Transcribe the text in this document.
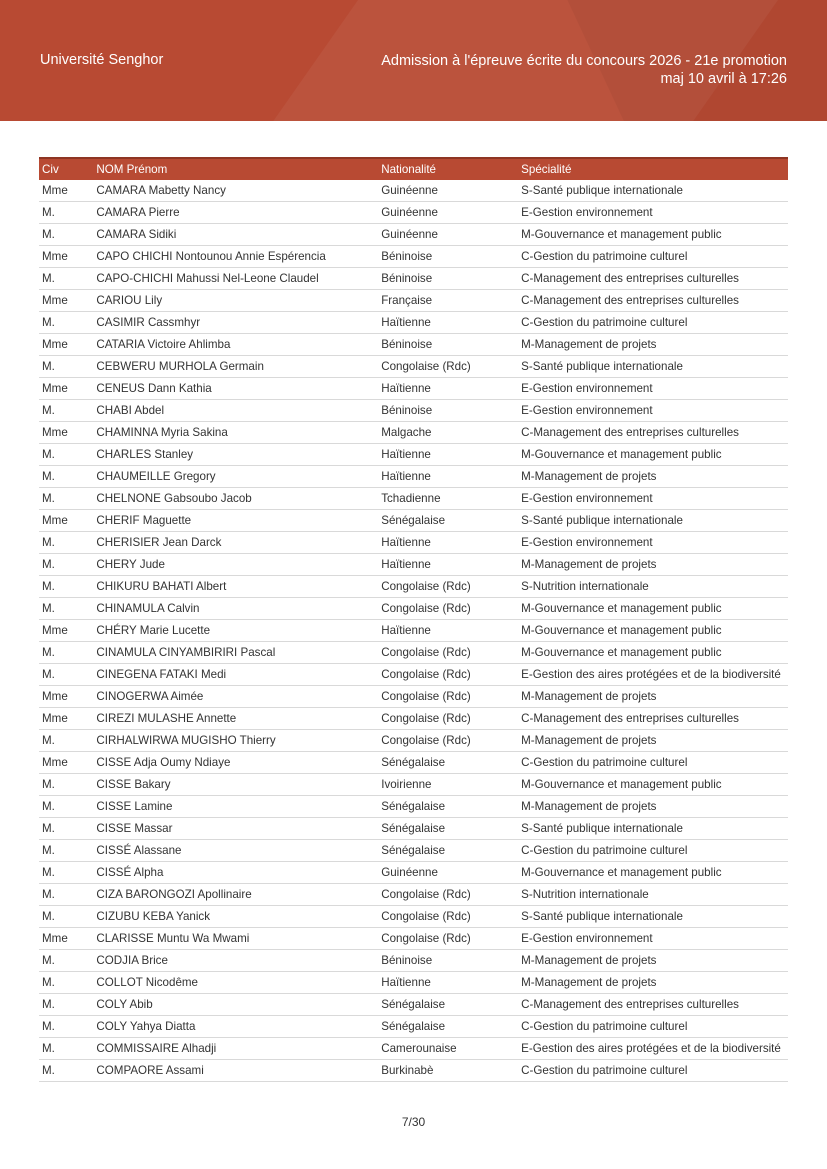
Université Senghor	Admission à l'épreuve écrite du concours 2026 - 21e promotion
maj 10 avril à 17:26
Civ	NOM Prénom	Nationalité	Spécialité
Mme	CAMARA Mabetty Nancy	Guinéenne	S-Santé publique internationale
M.	CAMARA Pierre	Guinéenne	E-Gestion environnement
M.	CAMARA Sidiki	Guinéenne	M-Gouvernance et management public
Mme	CAPO CHICHI Nontounou Annie Espérencia	Béninoise	C-Gestion du patrimoine culturel
M.	CAPO-CHICHI Mahussi Nel-Leone Claudel	Béninoise	C-Management des entreprises culturelles
Mme	CARIOU Lily	Française	C-Management des entreprises culturelles
M.	CASIMIR Cassmhyr	Haïtienne	C-Gestion du patrimoine culturel
Mme	CATARIA Victoire Ahlimba	Béninoise	M-Management de projets
M.	CEBWERU MURHOLA Germain	Congolaise (Rdc)	S-Santé publique internationale
Mme	CENEUS Dann Kathia	Haïtienne	E-Gestion environnement
M.	CHABI Abdel	Béninoise	E-Gestion environnement
Mme	CHAMINNA Myria Sakina	Malgache	C-Management des entreprises culturelles
M.	CHARLES Stanley	Haïtienne	M-Gouvernance et management public
M.	CHAUMEILLE Gregory	Haïtienne	M-Management de projets
M.	CHELNONE Gabsoubo Jacob	Tchadienne	E-Gestion environnement
Mme	CHERIF Maguette	Sénégalaise	S-Santé publique internationale
M.	CHERISIER Jean Darck	Haïtienne	E-Gestion environnement
M.	CHERY Jude	Haïtienne	M-Management de projets
M.	CHIKURU BAHATI Albert	Congolaise (Rdc)	S-Nutrition internationale
M.	CHINAMULA Calvin	Congolaise (Rdc)	M-Gouvernance et management public
Mme	CHÉRY Marie Lucette	Haïtienne	M-Gouvernance et management public
M.	CINAMULA CINYAMBIRIRI Pascal	Congolaise (Rdc)	M-Gouvernance et management public
M.	CINEGENA FATAKI Medi	Congolaise (Rdc)	E-Gestion des aires protégées et de la biodiversité
Mme	CINOGERWA Aimée	Congolaise (Rdc)	M-Management de projets
Mme	CIREZI MULASHE Annette	Congolaise (Rdc)	C-Management des entreprises culturelles
M.	CIRHALWIRWA MUGISHO Thierry	Congolaise (Rdc)	M-Management de projets
Mme	CISSE Adja Oumy Ndiaye	Sénégalaise	C-Gestion du patrimoine culturel
M.	CISSE Bakary	Ivoirienne	M-Gouvernance et management public
M.	CISSE Lamine	Sénégalaise	M-Management de projets
M.	CISSE Massar	Sénégalaise	S-Santé publique internationale
M.	CISSÉ Alassane	Sénégalaise	C-Gestion du patrimoine culturel
M.	CISSÉ Alpha	Guinéenne	M-Gouvernance et management public
M.	CIZA BARONGOZI Apollinaire	Congolaise (Rdc)	S-Nutrition internationale
M.	CIZUBU KEBA Yanick	Congolaise (Rdc)	S-Santé publique internationale
Mme	CLARISSE Muntu Wa Mwami	Congolaise (Rdc)	E-Gestion environnement
M.	CODJIA Brice	Béninoise	M-Management de projets
M.	COLLOT Nicodême	Haïtienne	M-Management de projets
M.	COLY Abib	Sénégalaise	C-Management des entreprises culturelles
M.	COLY Yahya Diatta	Sénégalaise	C-Gestion du patrimoine culturel
M.	COMMISSAIRE Alhadji	Camerounaise	E-Gestion des aires protégées et de la biodiversité
M.	COMPAORE Assami	Burkinabè	C-Gestion du patrimoine culturel
7/30
